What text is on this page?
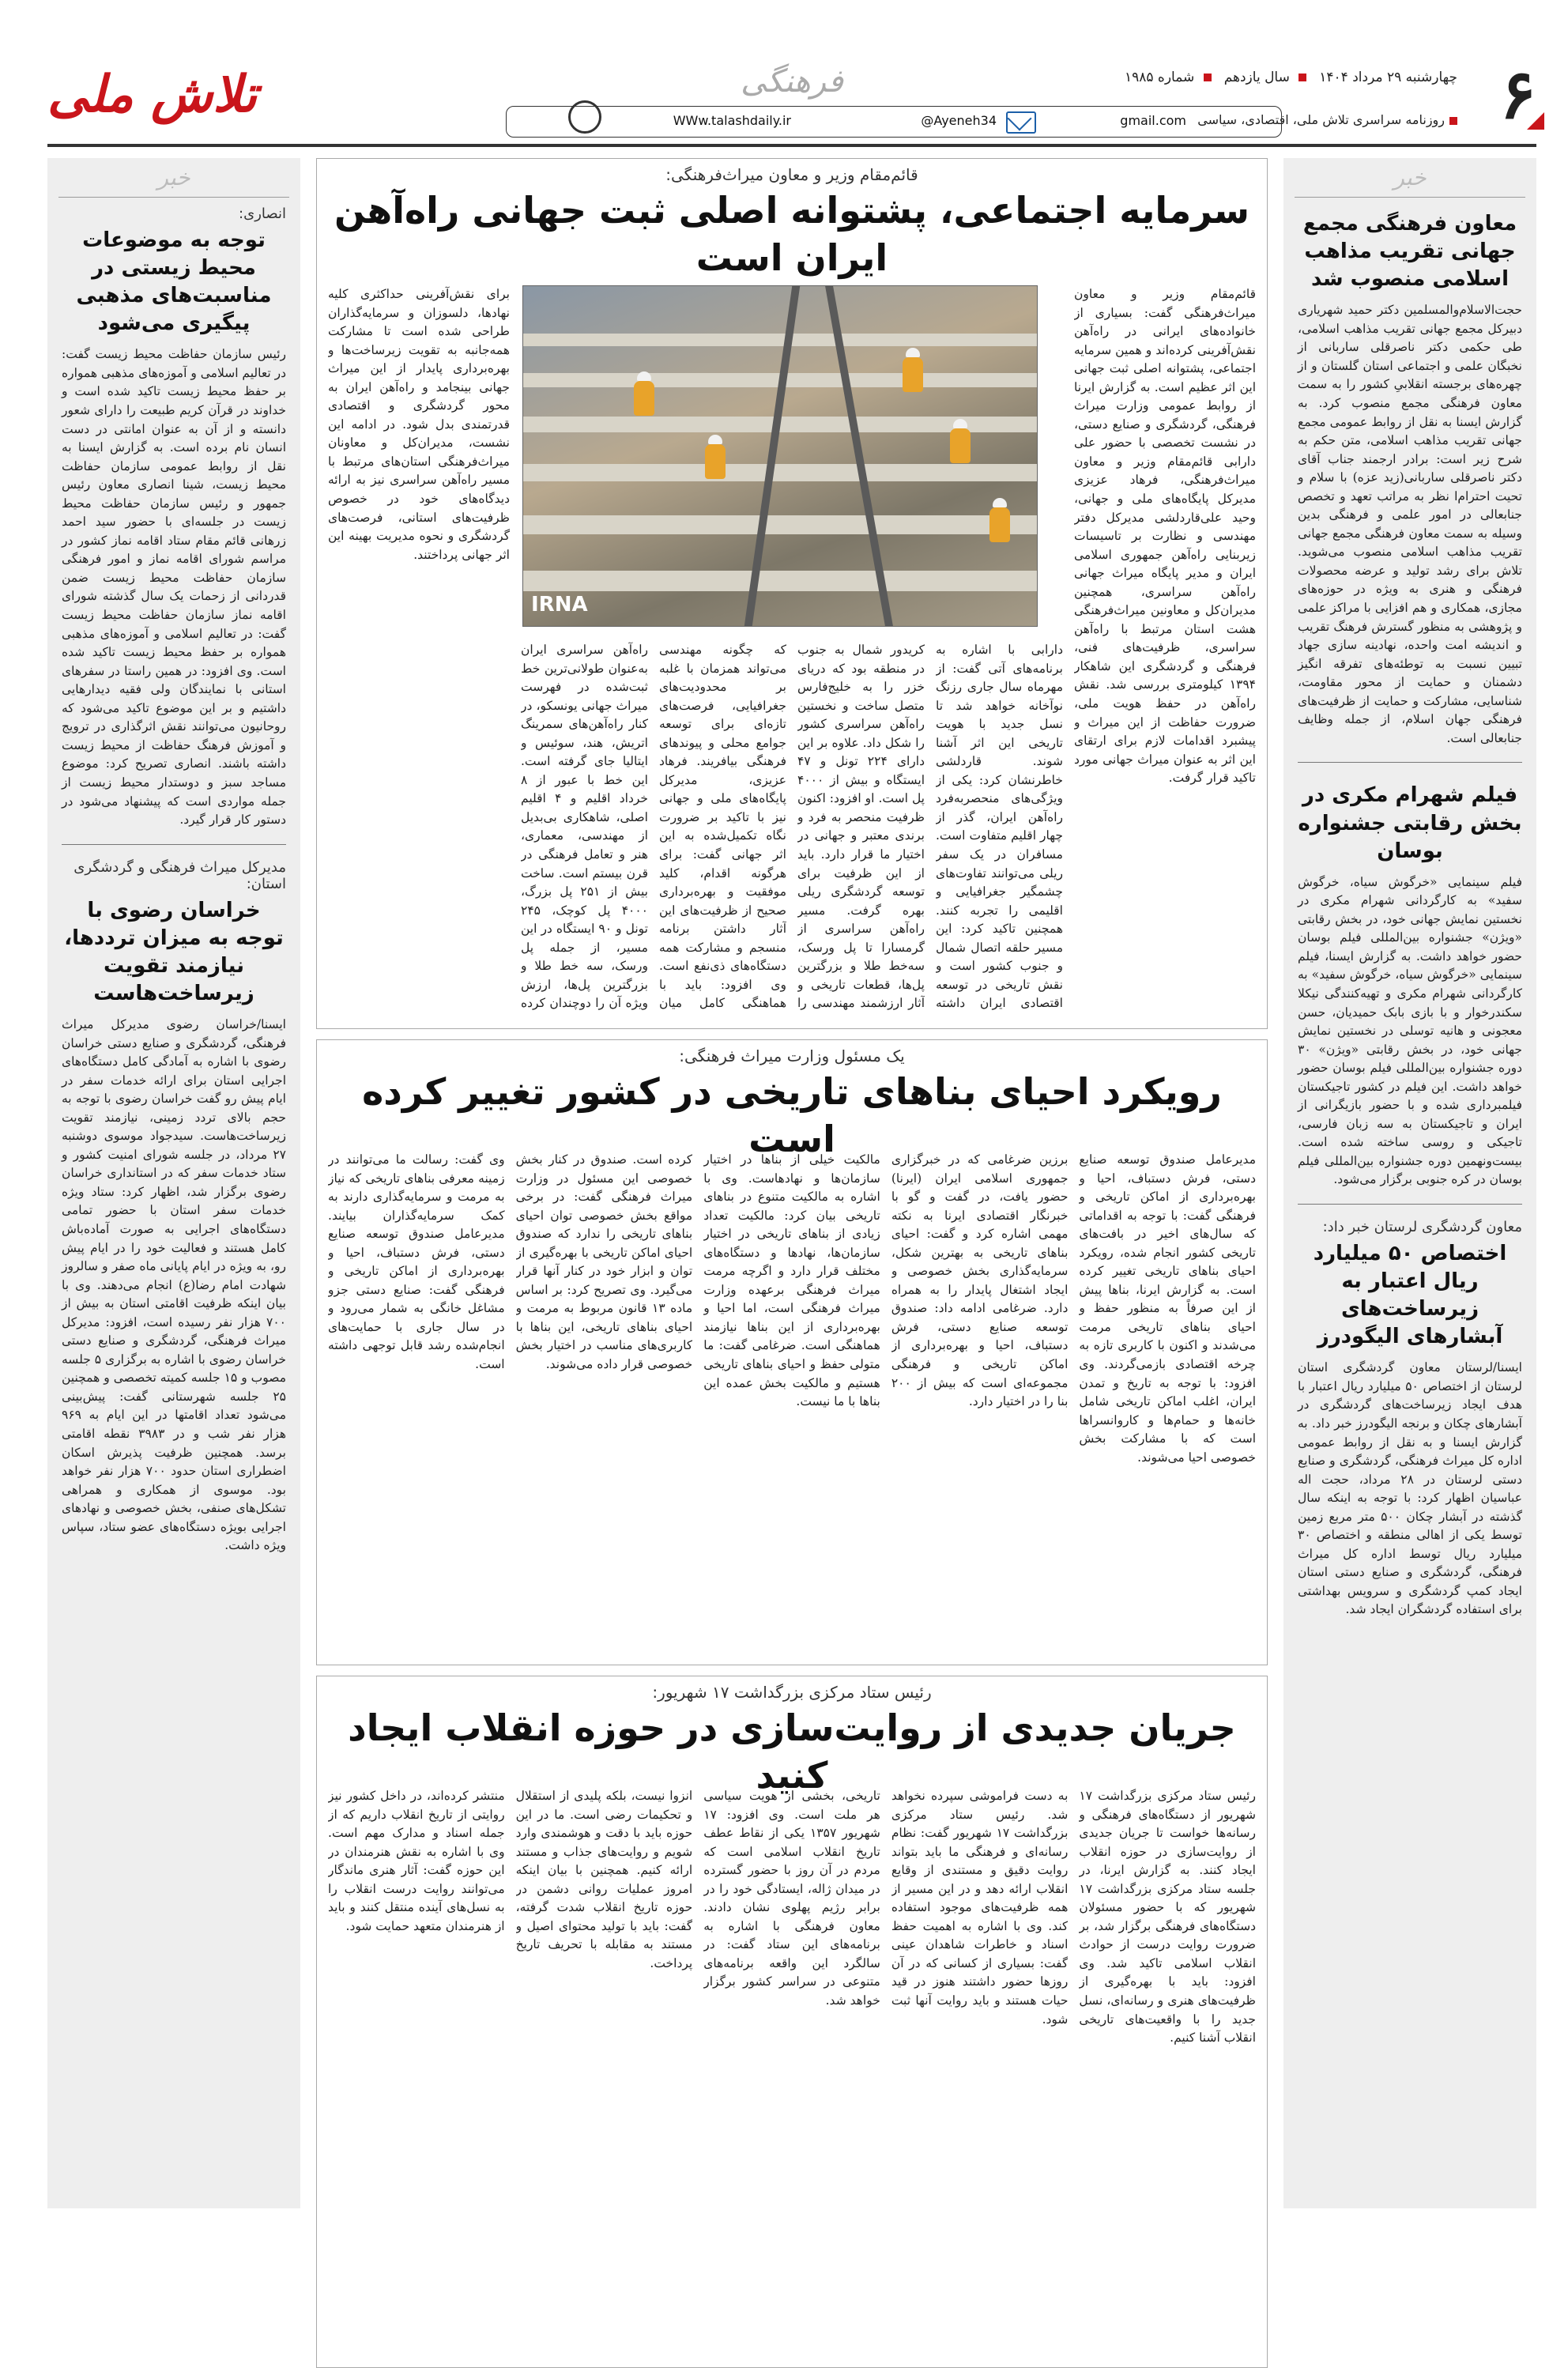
۶
چهارشنبه ۲۹ مرداد ۱۴۰۴ سال یازدهم شماره ۱۹۸۵
روزنامه سراسری تلاش ملی، اقتصادی، سیاسی
فرهنگی
gmail.com
Ayeneh34@
WWw.talashdaily.ir
تلاش ملی
خبر
معاون فرهنگی مجمع جهانی تقریب مذاهب اسلامی منصوب شد
حجت‌الاسلام‌والمسلمین دکتر حمید شهریاری دبیرکل مجمع جهانی تقریب مذاهب اسلامی، طی حکمی دکتر ناصرقلی ساربانی از نخبگان علمی و اجتماعی استان گلستان و از چهره‌های برجسته انقلابیِ کشور را به سمت معاون فرهنگی مجمع منصوب کرد. به گزارش ایسنا به نقل از روابط عمومی مجمع جهانی تقریب مذاهب اسلامی، متن حکم به شرح زیر است: برادر ارجمند جناب آقای دکتر ناصرقلی ساربانی(زید عزه) با سلام و تحیت احترام‌ا نظر به مراتب تعهد و تخصص جنابعالی در امور علمی و فرهنگی بدین وسیله به سمت معاون فرهنگی مجمع جهانی تقریب مذاهب اسلامی منصوب می‌شوید. تلاش برای رشد تولید و عرضه محصولات فرهنگی و هنری به ویژه در حوزه‌های مجازی، همکاری و هم افزایی با مراکز علمی و پژوهشی به منظور گسترش فرهنگ تقریب و اندیشه امت واحده، نهادینه سازی جهاد تبیین نسبت به توطئه‌های تفرقه انگیز دشمنان و حمایت از محور مقاومت، شناسایی، مشارکت و حمایت از ظرفیت‌های فرهنگی جهان اسلام، از جمله وظایف جنابعالی است.
فیلم شهرام مکری در بخش رقابتی جشنواره بوسان
فیلم سینمایی «خرگوش سیاه، خرگوش سفید» به کارگردانی شهرام مکری در نخستین نمایش جهانی خود، در بخش رقابتی «ویژن» جشنواره بین‌المللی فیلم بوسان حضور خواهد داشت. به گزارش ایسنا، فیلم سینمایی «خرگوش سیاه، خرگوش سفید» به کارگردانی شهرام مکری و تهیه‌کنندگی نیکلا سکندرخوار و با بازی بابک حمیدیان، حسن معجونی و هانیه توسلی در نخستین نمایش جهانی خود، در بخش رقابتی «ویژن» ۳۰ دوره جشنواره بین‌المللی فیلم بوسان حضور خواهد داشت. این فیلم در کشور تاجیکستان فیلمبرداری شده و با حضور بازیگرانی از ایران و تاجیکستان به سه زبان فارسی، تاجیکی و روسی ساخته شده است. بیست‌ونهمین دوره جشنواره بین‌المللی فیلم بوسان در کره جنوبی برگزار می‌شود.
معاون گردشگری لرستان خبر داد:
اختصاص ۵۰ میلیارد ریال اعتبار به زیرساخت‌های آبشارهای الیگودرز
ایسنا/لرستان معاون گردشگری استان لرستان از اختصاص ۵۰ میلیارد ریال اعتبار با هدف ایجاد زیرساخت‌های گردشگری در آبشارهای چکان و برنجه الیگودرز خبر داد. به گزارش ایسنا و به نقل از روابط عمومی اداره کل میراث فرهنگی، گردشگری و صنایع دستی لرستان در ۲۸ مرداد، حجت اله عباسیان اظهار کرد: با توجه به اینکه سال گذشته در آبشار چکان ۵۰۰ متر مربع زمین توسط یکی از اهالی منطقه و اختصاص ۳۰ میلیارد ریال توسط اداره کل میراث فرهنگی، گردشگری و صنایع دستی استان ایجاد کمپ گردشگری و سرویس بهداشتی برای استفاده گردشگران ایجاد شد.
خبر
انصاری:
توجه به موضوعات محیط زیستی در مناسبت‌های مذهبی پیگیری می‌شود
رئیس سازمان حفاظت محیط زیست گفت: در تعالیم اسلامی و آموزه‌های مذهبی همواره بر حفظ محیط زیست تاکید شده است و خداوند در قرآن کریم طبیعت را دارای شعور دانسته و از آن به عنوان امانتی در دست انسان نام برده است. به گزارش ایسنا به نقل از روابط عمومی سازمان حفاظت محیط زیست، شینا انصاری معاون رئیس جمهور و رئیس سازمان حفاظت محیط زیست در جلسه‌ای با حضور سید احمد زرهانی قائم مقام ستاد اقامه نماز کشور در مراسم شورای اقامه نماز و امور فرهنگی سازمان حفاظت محیط زیست ضمن قدردانی از زحمات یک سال گذشته شورای اقامه نماز سازمان حفاظت محیط زیست گفت: در تعالیم اسلامی و آموزه‌های مذهبی همواره بر حفظ محیط زیست تاکید شده است. وی افزود: در همین راستا در سفرهای استانی با نمایندگان ولی فقیه دیدارهایی داشتیم و بر این موضوع تاکید می‌شود که روحانیون می‌توانند نقش اثرگذاری در ترویج و آموزش فرهنگ حفاظت از محیط زیست داشته باشند. انصاری تصریح کرد: موضوع مساجد سبز و دوستدار محیط زیست از جمله مواردی است که پیشنهاد می‌شود در دستور کار قرار گیرد.
مدیرکل میراث فرهنگی و گردشگری استان:
خراسان رضوی با توجه به میزان ترددها، نیازمند تقویت زیرساخت‌هاست
ایسنا/خراسان رضوی مدیرکل میراث فرهنگی، گردشگری و صنایع دستی خراسان رضوی با اشاره به آمادگی کامل دستگاه‌های اجرایی استان برای ارائه خدمات سفر در ایام پیش رو گفت خراسان رضوی با توجه به حجم بالای تردد زمینی، نیازمند تقویت زیرساخت‌هاست. سیدجواد موسوی دوشنبه ۲۷ مرداد، در جلسه شورای امنیت کشور و ستاد خدمات سفر که در استانداری خراسان رضوی برگزار شد، اظهار کرد: ستاد ویژه خدمات سفر استان با حضور تمامی دستگاه‌های اجرایی به صورت آماده‌باش کامل هستند و فعالیت خود را در ایام پیش رو، به ویژه در ایام پایانی ماه صفر و سالروز شهادت امام رضا(ع) انجام می‌دهند. وی با بیان اینکه ظرفیت اقامتی استان به بیش از ۷۰۰ هزار نفر رسیده است، افزود: مدیرکل میراث فرهنگی، گردشگری و صنایع دستی خراسان رضوی با اشاره به برگزاری ۵ جلسه مصوب و ۱۵ جلسه کمیته تخصصی و همچنین ۲۵ جلسه شهرستانی گفت: پیش‌بینی می‌شود تعداد اقامتها در این ایام به ۹۶۹ هزار نفر شب و در ۳۹۸۳ نقطه اقامتی برسد. همچنین ظرفیت پذیرش اسکان اضطراری استان حدود ۷۰۰ هزار نفر خواهد بود. موسوی از همکاری و همراهی تشکل‌های صنفی، بخش خصوصی و نهادهای اجرایی بویژه دستگاه‌های عضو ستاد، سپاس ویژه داشت.
قائم‌مقام وزیر و معاون میراث‌فرهنگی:
سرمایه اجتماعی، پشتوانه اصلی ثبت جهانی راه‌آهن ایران است
IRNA
قائم‌مقام وزیر و معاون میراث‌فرهنگی گفت: بسیاری از خانواده‌های ایرانی در راه‌آهن نقش‌آفرینی کرده‌اند و همین سرمایه اجتماعی، پشتوانه اصلی ثبت جهانی این اثر عظیم است. به گزارش ایرنا از روابط عمومی وزارت میراث فرهنگی، گردشگری و صنایع دستی، در نشست تخصصی با حضور علی دارابی قائم‌مقام وزیر و معاون میراث‌فرهنگی، فرهاد عزیزی مدیرکل پایگاه‌های ملی و جهانی، وحید علی‌قاردلشی مدیرکل دفتر مهندسی و نظارت بر تاسیسات زیربنایی راه‌آهن جمهوری اسلامی ایران و مدیر پایگاه میراث جهانی راه‌آهن سراسری، همچنین مدیران‌کل و معاونین میراث‌فرهنگی هشت استان مرتبط با راه‌آهن سراسری، ظرفیت‌های فنی، فرهنگی و گردشگری این شاهکار ۱۳۹۴ کیلومتری بررسی شد. نقش راه‌آهن در حفظ هویت ملی، ضرورت حفاظت از این میراث و پیشبرد اقدامات لازم برای ارتقای این اثر به عنوان میراث جهانی مورد تاکید قرار گرفت.
برای نقش‌آفرینی حداکثری کلیه نهادها، دلسوزان و سرمایه‌گذاران طراحی شده است تا مشارکت همه‌جانبه به تقویت زیرساخت‌ها و بهره‌برداری پایدار از این میراث جهانی بینجامد و راه‌آهن ایران به محور گردشگری و اقتصادی قدرتمندی بدل شود. در ادامه این نشست، مدیران‌کل و معاونان میراث‌فرهنگی استان‌های مرتبط با مسیر راه‌آهن سراسری نیز به ارائه دیدگاه‌های خود در خصوص ظرفیت‌های استانی، فرصت‌های گردشگری و نحوه مدیریت بهینه این اثر جهانی پرداختند.
دارابی با اشاره به برنامه‌های آتی گفت: از مهرماه سال جاری رزنگ نوآخانه خواهد شد تا نسل جدید با هویت تاریخی این اثر آشنا شوند. قاردلشی خاطرنشان کرد: یکی از ویژگی‌های منحصربه‌فرد راه‌آهن ایران، گذر از چهار اقلیم متفاوت است. مسافران در یک سفر ریلی می‌توانند تفاوت‌های چشمگیر جغرافیایی و اقلیمی را تجربه کنند. همچنین تاکید کرد: این مسیر حلقه اتصال شمال و جنوب کشور است و نقش تاریخی در توسعه اقتصادی ایران داشته
کریدور شمال به جنوب در منطقه بود که دریای خزر را به خلیج‌فارس متصل ساخت و نخستین راه‌آهن سراسری کشور را شکل داد. علاوه بر این دارای ۲۲۴ تونل و ۴۷ ایستگاه و بیش از ۴۰۰۰ پل است. او افزود: اکنون ظرفیت منحصر به فرد و برندی معتبر و جهانی در اختیار ما قرار دارد. باید از این ظرفیت برای توسعه گردشگری ریلی بهره گرفت. مسیر راه‌آهن سراسری از گرمسارا تا پل ورسک، سه‌خط طلا و بزرگترین پل‌ها، قطعات تاریخی و آثار ارزشمند مهندسی را
که چگونه مهندسی می‌تواند همزمان با غلبه بر محدودیت‌های جغرافیایی، فرصت‌های تازه‌ای برای توسعه جوامع محلی و پیوندهای فرهنگی بیافریند. فرهاد عزیزی، مدیرکل پایگاه‌های ملی و جهانی نیز با تاکید بر ضرورت نگاه تکمیل‌شده به این اثر جهانی گفت: برای هرگونه اقدام، کلید موفقیت و بهره‌برداری صحیح از ظرفیت‌های این آثار داشتن برنامه منسجم و مشارکت همه دستگاه‌های ذی‌نفع است. وی افزود: باید با هماهنگی کامل میان
راه‌آهن سراسری ایران به‌عنوان طولانی‌ترین خط ثبت‌شده در فهرست میراث جهانی یونسکو، در کنار راه‌آهن‌های سمرینگ اتریش، هند، سوئیس و ایتالیا جای گرفته است. این خط با عبور از ۸ خرداد اقلیم و ۴ اقلیم اصلی، شاهکاری بی‌بدیل از مهندسی، معماری، هنر و تعامل فرهنگی در قرن بیستم است. ساخت بیش از ۲۵۱ پل بزرگ، ۴۰۰۰ پل کوچک، ۲۴۵ تونل و ۹۰ ایستگاه در این مسیر، از جمله پل ورسک، سه خط طلا و بزرگترین پل‌ها، ارزش ویژه آن را دوچندان کرده
یک مسئول وزارت میراث فرهنگی:
رویکرد احیای بناهای تاریخی در کشور تغییر کرده است	مدیرعامل صندوق توسعه صنایع دستی، فرش دستباف، احیا و بهره‌برداری از اماکن تاریخی و فرهنگی گفت: با توجه به اقداماتی که سال‌های اخیر در بافت‌های تاریخی کشور انجام شده، رویکرد احیای بناهای تاریخی تغییر کرده است. به گزارش ایرنا، بناها پیش از این صرفاً به منظور حفظ و احیای بناهای تاریخی مرمت می‌شدند و اکنون با کاربری تازه به چرخه اقتصادی بازمی‌گردند. وی افزود: با توجه به تاریخ و تمدن ایران، اغلب اماکن تاریخی شامل خانه‌ها و حمام‌ها و کاروانسراها است که با مشارکت بخش خصوصی احیا می‌شوند.
برزین ضرغامی که در خبرگزاری جمهوری اسلامی ایران (ایرنا) حضور یافت، در گفت و گو با خبرنگار اقتصادی ایرنا به نکته مهمی اشاره کرد و گفت: احیای بناهای تاریخی به بهترین شکل، سرمایه‌گذاری بخش خصوصی و ایجاد اشتغال پایدار را به همراه دارد. ضرغامی ادامه داد: صندوق توسعه صنایع دستی، فرش دستباف، احیا و بهره‌برداری از اماکن تاریخی و فرهنگی مجموعه‌ای است که بیش از ۲۰۰ بنا را در اختیار دارد.
مالکیت خیلی از بناها در اختیار سازمان‌ها و نهادهاست. وی با اشاره به مالکیت متنوع در بناهای تاریخی بیان کرد: مالکیت تعداد زیادی از بناهای تاریخی در اختیار سازمان‌ها، نهادها و دستگاه‌های مختلف قرار دارد و اگرچه مرمت میراث فرهنگی برعهده وزارت میراث فرهنگی است، اما احیا و بهره‌برداری از این بناها نیازمند هماهنگی است. ضرغامی گفت: ما متولی حفظ و احیای بناهای تاریخی هستیم و مالکیت بخش عمده این بناها با ما نیست.
کرده است. صندوق در کنار بخش خصوصی این مسئول در وزارت میراث فرهنگی گفت: در برخی مواقع بخش خصوصی توان احیای بناهای تاریخی را ندارد که صندوق احیای اماکن تاریخی با بهره‌گیری از توان و ابزار خود در کنار آنها قرار می‌گیرد. وی تصریح کرد: بر اساس ماده ۱۳ قانون مربوط به مرمت و احیای بناهای تاریخی، این بناها با کاربری‌های مناسب در اختیار بخش خصوصی قرار داده می‌شوند.
وی گفت: رسالت ما می‌توانند در زمینه معرفی بناهای تاریخی که نیاز به مرمت و سرمایه‌گذاری دارند به کمک سرمایه‌گذاران بیایند. مدیرعامل صندوق توسعه صنایع دستی، فرش دستباف، احیا و بهره‌برداری از اماکن تاریخی و فرهنگی گفت: صنایع دستی جزو مشاغل خانگی به شمار می‌رود و در سال جاری با حمایت‌های انجام‌شده رشد قابل توجهی داشته است.
رئیس ستاد مرکزی بزرگداشت ۱۷ شهریور:
جریان جدیدی از روایت‌سازی در حوزه انقلاب ایجاد کنید	رئیس ستاد مرکزی بزرگداشت ۱۷ شهریور از دستگاه‌های فرهنگی و رسانه‌ها خواست تا جریان جدیدی از روایت‌سازی در حوزه انقلاب ایجاد کنند. به گزارش ایرنا، در جلسه ستاد مرکزی بزرگداشت ۱۷ شهریور که با حضور مسئولان دستگاه‌های فرهنگی برگزار شد، بر ضرورت روایت درست از حوادث انقلاب اسلامی تاکید شد. وی افزود: باید با بهره‌گیری از ظرفیت‌های هنری و رسانه‌ای، نسل جدید را با واقعیت‌های تاریخی انقلاب آشنا کنیم.
به دست فراموشی سپرده نخواهد شد. رئیس ستاد مرکزی بزرگداشت ۱۷ شهریور گفت: نظام رسانه‌ای و فرهنگی ما باید بتواند روایت دقیق و مستندی از وقایع انقلاب ارائه دهد و در این مسیر از همه ظرفیت‌های موجود استفاده کند. وی با اشاره به اهمیت حفظ اسناد و خاطرات شاهدان عینی گفت: بسیاری از کسانی که در آن روزها حضور داشتند هنوز در قید حیات هستند و باید روایت آنها ثبت شود.
تاریخی، بخشی از هویت سیاسی هر ملت است. وی افزود: ۱۷ شهریور ۱۳۵۷ یکی از نقاط عطف تاریخ انقلاب اسلامی است که مردم در آن روز با حضور گسترده در میدان ژاله، ایستادگی خود را در برابر رژیم پهلوی نشان دادند. معاون فرهنگی با اشاره به برنامه‌های این ستاد گفت: در سالگرد این واقعه برنامه‌های متنوعی در سراسر کشور برگزار خواهد شد.
انزوا نیست، بلکه پلیدی از استقلال و تحکیمات رضی است. ما در این حوزه باید با دقت و هوشمندی وارد شویم و روایت‌های جذاب و مستند ارائه کنیم. همچنین با بیان اینکه امروز عملیات روانی دشمن در حوزه تاریخ انقلاب شدت گرفته، گفت: باید با تولید محتوای اصیل و مستند به مقابله با تحریف تاریخ پرداخت.
منتشر کرده‌اند، در داخل کشور نیز روایتی از تاریخ انقلاب داریم که از جمله اسناد و مدارک مهم است. وی با اشاره به نقش هنرمندان در این حوزه گفت: آثار هنری ماندگار می‌توانند روایت درست انقلاب را به نسل‌های آینده منتقل کنند و باید از هنرمندان متعهد حمایت شود.
